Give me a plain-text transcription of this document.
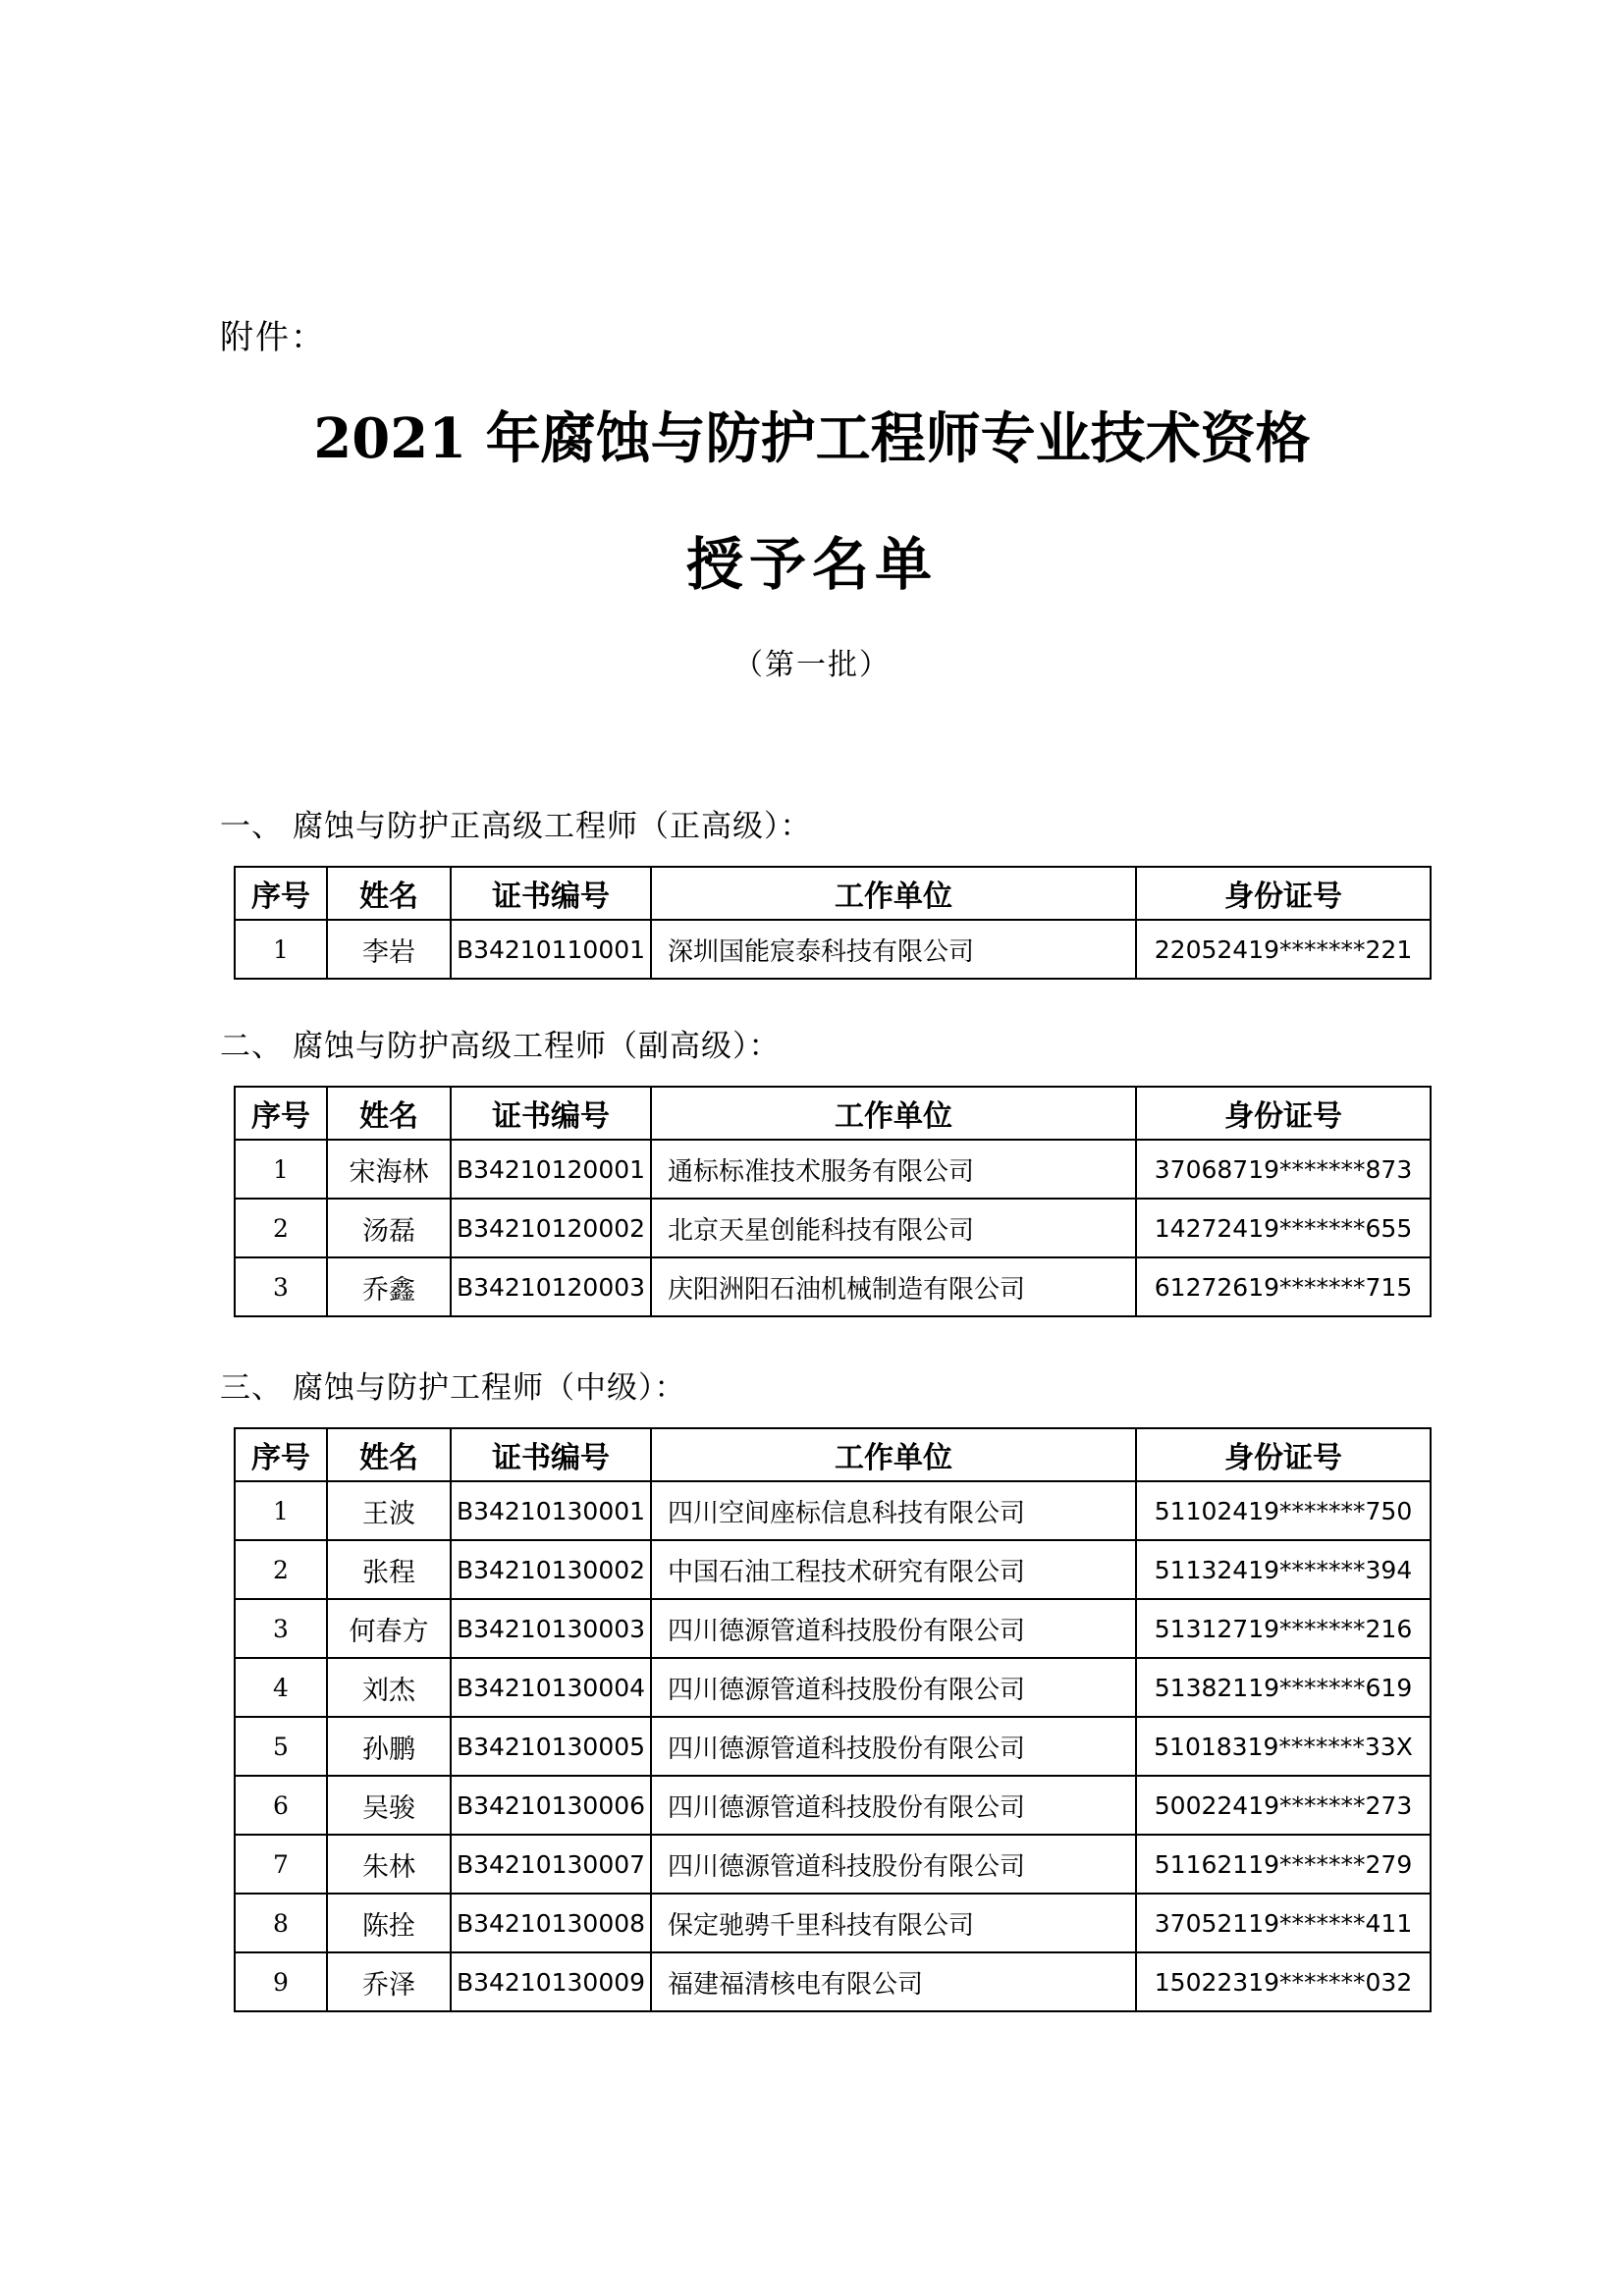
附件：
2021 年腐蚀与防护工程师专业技术资格
授予名单
（第一批）
一、 腐蚀与防护正高级工程师（正高级）：
序号	姓名	证书编号	工作单位	身份证号
1	李岩	B34210110001	深圳国能宸泰科技有限公司	22052419*******221
二、 腐蚀与防护高级工程师（副高级）：
序号	姓名	证书编号	工作单位	身份证号
1	宋海林	B34210120001	通标标准技术服务有限公司	37068719*******873
2	汤磊	B34210120002	北京天星创能科技有限公司	14272419*******655
3	乔鑫	B34210120003	庆阳洲阳石油机械制造有限公司	61272619*******715
三、 腐蚀与防护工程师（中级）：
序号	姓名	证书编号	工作单位	身份证号
1	王波	B34210130001	四川空间座标信息科技有限公司	51102419*******750
2	张程	B34210130002	中国石油工程技术研究有限公司	51132419*******394
3	何春方	B34210130003	四川德源管道科技股份有限公司	51312719*******216
4	刘杰	B34210130004	四川德源管道科技股份有限公司	51382119*******619
5	孙鹏	B34210130005	四川德源管道科技股份有限公司	51018319*******33X
6	吴骏	B34210130006	四川德源管道科技股份有限公司	50022419*******273
7	朱林	B34210130007	四川德源管道科技股份有限公司	51162119*******279
8	陈拴	B34210130008	保定驰骋千里科技有限公司	37052119*******411
9	乔泽	B34210130009	福建福清核电有限公司	15022319*******032
